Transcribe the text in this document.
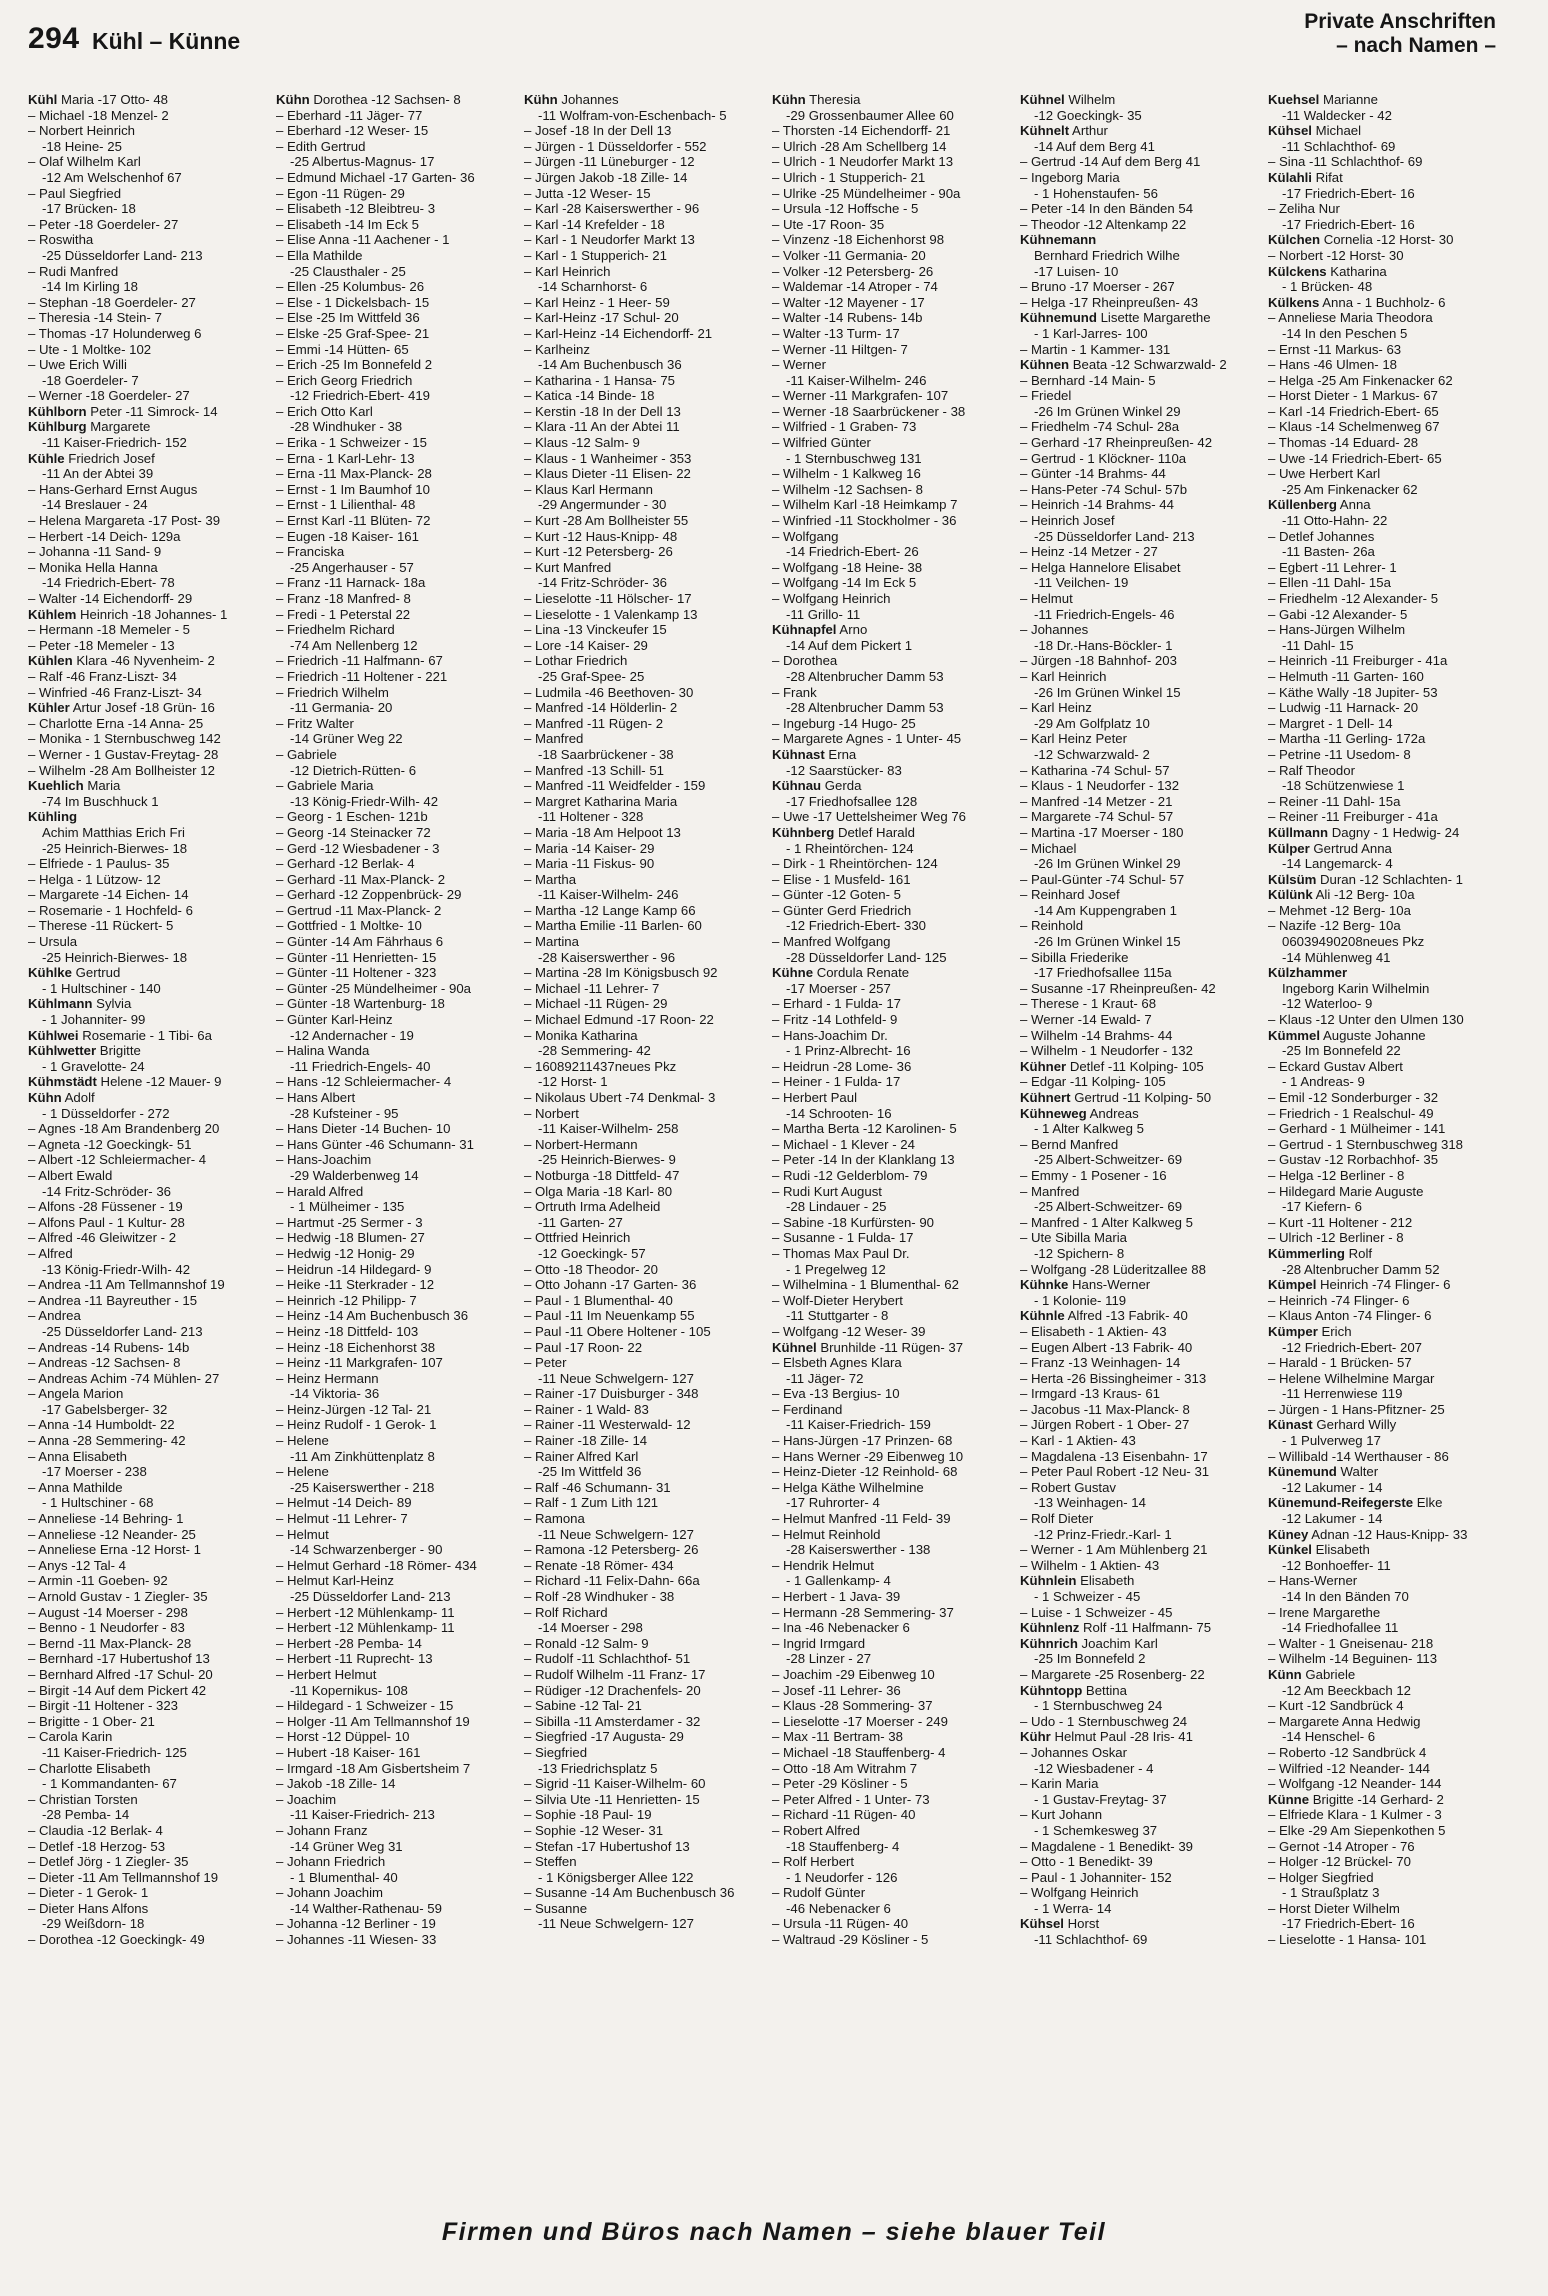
294 Kühl – Künne
Private Anschriften
– nach Namen –
Kühl Maria -17 Otto- 48
– Michael -18 Menzel- 2
– Norbert Heinrich
-18 Heine- 25
– Olaf Wilhelm Karl
-12 Am Welschenhof 67
– Paul Siegfried
-17 Brücken- 18
– Peter -18 Goerdeler- 27
– Roswitha
-25 Düsseldorfer Land- 213
– Rudi Manfred
-14 Im Kirling 18
– Stephan -18 Goerdeler- 27
– Theresia -14 Stein- 7
– Thomas -17 Holunderweg 6
– Ute - 1 Moltke- 102
– Uwe Erich Willi
-18 Goerdeler- 7
– Werner -18 Goerdeler- 27
Kühlborn Peter -11 Simrock- 14
Kühlburg Margarete
-11 Kaiser-Friedrich- 152
Kühle Friedrich Josef
-11 An der Abtei 39
– Hans-Gerhard Ernst Augus
-14 Breslauer - 24
– Helena Margareta -17 Post- 39
– Herbert -14 Deich- 129a
– Johanna -11 Sand- 9
– Monika Hella Hanna
-14 Friedrich-Ebert- 78
– Walter -14 Eichendorff- 29
Kühlem Heinrich -18 Johannes- 1
– Hermann -18 Memeler - 5
– Peter -18 Memeler - 13
Kühlen Klara -46 Nyvenheim- 2
– Ralf -46 Franz-Liszt- 34
– Winfried -46 Franz-Liszt- 34
Kühler Artur Josef -18 Grün- 16
– Charlotte Erna -14 Anna- 25
– Monika - 1 Sternbuschweg 142
– Werner - 1 Gustav-Freytag- 28
– Wilhelm -28 Am Bollheister 12
Kuehlich Maria
-74 Im Buschhuck 1
Kühling
Achim Matthias Erich Fri
-25 Heinrich-Bierwes- 18
– Elfriede - 1 Paulus- 35
– Helga - 1 Lützow- 12
– Margarete -14 Eichen- 14
– Rosemarie - 1 Hochfeld- 6
– Therese -11 Rückert- 5
– Ursula
-25 Heinrich-Bierwes- 18
Kühlke Gertrud
- 1 Hultschiner - 140
Kühlmann Sylvia
- 1 Johanniter- 99
Kühlwei Rosemarie - 1 Tibi- 6a
Kühlwetter Brigitte
- 1 Gravelotte- 24
Kühmstädt Helene -12 Mauer- 9
Kühn Adolf
- 1 Düsseldorfer - 272
– Agnes -18 Am Brandenberg 20
– Agneta -12 Goeckingk- 51
– Albert -12 Schleiermacher- 4
– Albert Ewald
-14 Fritz-Schröder- 36
– Alfons -28 Füssener - 19
– Alfons Paul - 1 Kultur- 28
– Alfred -46 Gleiwitzer - 2
– Alfred
-13 König-Friedr-Wilh- 42
– Andrea -11 Am Tellmannshof 19
– Andrea -11 Bayreuther - 15
– Andrea
-25 Düsseldorfer Land- 213
– Andreas -14 Rubens- 14b
– Andreas -12 Sachsen- 8
– Andreas Achim -74 Mühlen- 27
– Angela Marion
-17 Gabelsberger- 32
– Anna -14 Humboldt- 22
– Anna -28 Semmering- 42
– Anna Elisabeth
-17 Moerser - 238
– Anna Mathilde
- 1 Hultschiner - 68
– Anneliese -14 Behring- 1
– Anneliese -12 Neander- 25
– Anneliese Erna -12 Horst- 1
– Anys -12 Tal- 4
– Armin -11 Goeben- 92
– Arnold Gustav - 1 Ziegler- 35
– August -14 Moerser - 298
– Benno - 1 Neudorfer - 83
– Bernd -11 Max-Planck- 28
– Bernhard -17 Hubertushof 13
– Bernhard Alfred -17 Schul- 20
– Birgit -14 Auf dem Pickert 42
– Birgit -11 Holtener - 323
– Brigitte - 1 Ober- 21
– Carola Karin
-11 Kaiser-Friedrich- 125
– Charlotte Elisabeth
- 1 Kommandanten- 67
– Christian Torsten
-28 Pemba- 14
– Claudia -12 Berlak- 4
– Detlef -18 Herzog- 53
– Detlef Jörg - 1 Ziegler- 35
– Dieter -11 Am Tellmannshof 19
– Dieter - 1 Gerok- 1
– Dieter Hans Alfons
-29 Weißdorn- 18
– Dorothea -12 Goeckingk- 49
Kühn Dorothea -12 Sachsen- 8
– Eberhard -11 Jäger- 77
– Eberhard -12 Weser- 15
– Edith Gertrud
-25 Albertus-Magnus- 17
– Edmund Michael -17 Garten- 36
– Egon -11 Rügen- 29
– Elisabeth -12 Bleibtreu- 3
– Elisabeth -14 Im Eck 5
– Elise Anna -11 Aachener - 1
– Ella Mathilde
-25 Clausthaler - 25
– Ellen -25 Kolumbus- 26
– Else - 1 Dickelsbach- 15
– Else -25 Im Wittfeld 36
– Elske -25 Graf-Spee- 21
– Emmi -14 Hütten- 65
– Erich -25 Im Bonnefeld 2
– Erich Georg Friedrich
-12 Friedrich-Ebert- 419
– Erich Otto Karl
-28 Windhuker - 38
– Erika - 1 Schweizer - 15
– Erna - 1 Karl-Lehr- 13
– Erna -11 Max-Planck- 28
– Ernst - 1 Im Baumhof 10
– Ernst - 1 Lilienthal- 48
– Ernst Karl -11 Blüten- 72
– Eugen -18 Kaiser- 161
– Franciska
-25 Angerhauser - 57
– Franz -11 Harnack- 18a
– Franz -18 Manfred- 8
– Fredi - 1 Peterstal 22
– Friedhelm Richard
-74 Am Nellenberg 12
– Friedrich -11 Halfmann- 67
– Friedrich -11 Holtener - 221
– Friedrich Wilhelm
-11 Germania- 20
– Fritz Walter
-14 Grüner Weg 22
– Gabriele
-12 Dietrich-Rütten- 6
– Gabriele Maria
-13 König-Friedr-Wilh- 42
– Georg - 1 Eschen- 121b
– Georg -14 Steinacker 72
– Gerd -12 Wiesbadener - 3
– Gerhard -12 Berlak- 4
– Gerhard -11 Max-Planck- 2
– Gerhard -12 Zoppenbrück- 29
– Gertrud -11 Max-Planck- 2
– Gottfried - 1 Moltke- 10
– Günter -14 Am Fährhaus 6
– Günter -11 Henrietten- 15
– Günter -11 Holtener - 323
– Günter -25 Mündelheimer - 90a
– Günter -18 Wartenburg- 18
– Günter Karl-Heinz
-12 Andernacher - 19
– Halina Wanda
-11 Friedrich-Engels- 40
– Hans -12 Schleiermacher- 4
– Hans Albert
-28 Kufsteiner - 95
– Hans Dieter -14 Buchen- 10
– Hans Günter -46 Schumann- 31
– Hans-Joachim
-29 Walderbenweg 14
– Harald Alfred
- 1 Mülheimer - 135
– Hartmut -25 Sermer - 3
– Hedwig -18 Blumen- 27
– Hedwig -12 Honig- 29
– Heidrun -14 Hildegard- 9
– Heike -11 Sterkrader - 12
– Heinrich -12 Philipp- 7
– Heinz -14 Am Buchenbusch 36
– Heinz -18 Dittfeld- 103
– Heinz -18 Eichenhorst 38
– Heinz -11 Markgrafen- 107
– Heinz Hermann
-14 Viktoria- 36
– Heinz-Jürgen -12 Tal- 21
– Heinz Rudolf - 1 Gerok- 1
– Helene
-11 Am Zinkhüttenplatz 8
– Helene
-25 Kaiserswerther - 218
– Helmut -14 Deich- 89
– Helmut -11 Lehrer- 7
– Helmut
-14 Schwarzenberger - 90
– Helmut Gerhard -18 Römer- 434
– Helmut Karl-Heinz
-25 Düsseldorfer Land- 213
– Herbert -12 Mühlenkamp- 11
– Herbert -12 Mühlenkamp- 11
– Herbert -28 Pemba- 14
– Herbert -11 Ruprecht- 13
– Herbert Helmut
-11 Kopernikus- 108
– Hildegard - 1 Schweizer - 15
– Holger -11 Am Tellmannshof 19
– Horst -12 Düppel- 10
– Hubert -18 Kaiser- 161
– Irmgard -18 Am Gisbertsheim 7
– Jakob -18 Zille- 14
– Joachim
-11 Kaiser-Friedrich- 213
– Johann Franz
-14 Grüner Weg 31
– Johann Friedrich
- 1 Blumenthal- 40
– Johann Joachim
-14 Walther-Rathenau- 59
– Johanna -12 Berliner - 19
– Johannes -11 Wiesen- 33
Kühn Johannes
-11 Wolfram-von-Eschenbach- 5
– Josef -18 In der Dell 13
– Jürgen - 1 Düsseldorfer - 552
– Jürgen -11 Lüneburger - 12
– Jürgen Jakob -18 Zille- 14
– Jutta -12 Weser- 15
– Karl -28 Kaiserswerther - 96
– Karl -14 Krefelder - 18
– Karl - 1 Neudorfer Markt 13
– Karl - 1 Stupperich- 21
– Karl Heinrich
-14 Scharnhorst- 6
– Karl Heinz - 1 Heer- 59
– Karl-Heinz -17 Schul- 20
– Karl-Heinz -14 Eichendorff- 21
– Karlheinz
-14 Am Buchenbusch 36
– Katharina - 1 Hansa- 75
– Katica -14 Binde- 18
– Kerstin -18 In der Dell 13
– Klara -11 An der Abtei 11
– Klaus -12 Salm- 9
– Klaus - 1 Wanheimer - 353
– Klaus Dieter -11 Elisen- 22
– Klaus Karl Hermann
-29 Angermunder - 30
– Kurt -28 Am Bollheister 55
– Kurt -12 Haus-Knipp- 48
– Kurt -12 Petersberg- 26
– Kurt Manfred
-14 Fritz-Schröder- 36
– Lieselotte -11 Hölscher- 17
– Lieselotte - 1 Valenkamp 13
– Lina -13 Vinckeufer 15
– Lore -14 Kaiser- 29
– Lothar Friedrich
-25 Graf-Spee- 25
– Ludmila -46 Beethoven- 30
– Manfred -14 Hölderlin- 2
– Manfred -11 Rügen- 2
– Manfred
-18 Saarbrückener - 38
– Manfred -13 Schill- 51
– Manfred -11 Weidfelder - 159
– Margret Katharina Maria
-11 Holtener - 328
– Maria -18 Am Helpoot 13
– Maria -14 Kaiser- 29
– Maria -11 Fiskus- 90
– Martha
-11 Kaiser-Wilhelm- 246
– Martha -12 Lange Kamp 66
– Martha Emilie -11 Barlen- 60
– Martina
-28 Kaiserswerther - 96
– Martina -28 Im Königsbusch 92
– Michael -11 Lehrer- 7
– Michael -11 Rügen- 29
– Michael Edmund -17 Roon- 22
– Monika Katharina
-28 Semmering- 42
– 16089211437neues Pkz
-12 Horst- 1
– Nikolaus Ubert -74 Denkmal- 3
– Norbert
-11 Kaiser-Wilhelm- 258
– Norbert-Hermann
-25 Heinrich-Bierwes- 9
– Notburga -18 Dittfeld- 47
– Olga Maria -18 Karl- 80
– Ortruth Irma Adelheid
-11 Garten- 27
– Ottfried Heinrich
-12 Goeckingk- 57
– Otto -18 Theodor- 20
– Otto Johann -17 Garten- 36
– Paul - 1 Blumenthal- 40
– Paul -11 Im Neuenkamp 55
– Paul -11 Obere Holtener - 105
– Paul -17 Roon- 22
– Peter
-11 Neue Schwelgern- 127
– Rainer -17 Duisburger - 348
– Rainer - 1 Wald- 83
– Rainer -11 Westerwald- 12
– Rainer -18 Zille- 14
– Rainer Alfred Karl
-25 Im Wittfeld 36
– Ralf -46 Schumann- 31
– Ralf - 1 Zum Lith 121
– Ramona
-11 Neue Schwelgern- 127
– Ramona -12 Petersberg- 26
– Renate -18 Römer- 434
– Richard -11 Felix-Dahn- 66a
– Rolf -28 Windhuker - 38
– Rolf Richard
-14 Moerser - 298
– Ronald -12 Salm- 9
– Rudolf -11 Schlachthof- 51
– Rudolf Wilhelm -11 Franz- 17
– Rüdiger -12 Drachenfels- 20
– Sabine -12 Tal- 21
– Sibilla -11 Amsterdamer - 32
– Siegfried -17 Augusta- 29
– Siegfried
-13 Friedrichsplatz 5
– Sigrid -11 Kaiser-Wilhelm- 60
– Silvia Ute -11 Henrietten- 15
– Sophie -18 Paul- 19
– Sophie -12 Weser- 31
– Stefan -17 Hubertushof 13
– Steffen
- 1 Königsberger Allee 122
– Susanne -14 Am Buchenbusch 36
– Susanne
-11 Neue Schwelgern- 127
Kühn Theresia
-29 Grossenbaumer Allee 60
– Thorsten -14 Eichendorff- 21
– Ulrich -28 Am Schellberg 14
– Ulrich - 1 Neudorfer Markt 13
– Ulrich - 1 Stupperich- 21
– Ulrike -25 Mündelheimer - 90a
– Ursula -12 Hoffsche - 5
– Ute -17 Roon- 35
– Vinzenz -18 Eichenhorst 98
– Volker -11 Germania- 20
– Volker -12 Petersberg- 26
– Waldemar -14 Atroper - 74
– Walter -12 Mayener - 17
– Walter -14 Rubens- 14b
– Walter -13 Turm- 17
– Werner -11 Hiltgen- 7
– Werner
-11 Kaiser-Wilhelm- 246
– Werner -11 Markgrafen- 107
– Werner -18 Saarbrückener - 38
– Wilfried - 1 Graben- 73
– Wilfried Günter
- 1 Sternbuschweg 131
– Wilhelm - 1 Kalkweg 16
– Wilhelm -12 Sachsen- 8
– Wilhelm Karl -18 Heimkamp 7
– Winfried -11 Stockholmer - 36
– Wolfgang
-14 Friedrich-Ebert- 26
– Wolfgang -18 Heine- 38
– Wolfgang -14 Im Eck 5
– Wolfgang Heinrich
-11 Grillo- 11
Kühnapfel Arno
-14 Auf dem Pickert 1
– Dorothea
-28 Altenbrucher Damm 53
– Frank
-28 Altenbrucher Damm 53
– Ingeburg -14 Hugo- 25
– Margarete Agnes - 1 Unter- 45
Kühnast Erna
-12 Saarstücker- 83
Kühnau Gerda
-17 Friedhofsallee 128
– Uwe -17 Uettelsheimer Weg 76
Kühnberg Detlef Harald
- 1 Rheintörchen- 124
– Dirk - 1 Rheintörchen- 124
– Elise - 1 Musfeld- 161
– Günter -12 Goten- 5
– Günter Gerd Friedrich
-12 Friedrich-Ebert- 330
– Manfred Wolfgang
-28 Düsseldorfer Land- 125
Kühne Cordula Renate
-17 Moerser - 257
– Erhard - 1 Fulda- 17
– Fritz -14 Lothfeld- 9
– Hans-Joachim Dr.
- 1 Prinz-Albrecht- 16
– Heidrun -28 Lome- 36
– Heiner - 1 Fulda- 17
– Herbert Paul
-14 Schrooten- 16
– Martha Berta -12 Karolinen- 5
– Michael - 1 Klever - 24
– Peter -14 In der Klanklang 13
– Rudi -12 Gelderblom- 79
– Rudi Kurt August
-28 Lindauer - 25
– Sabine -18 Kurfürsten- 90
– Susanne - 1 Fulda- 17
– Thomas Max Paul Dr.
- 1 Pregelweg 12
– Wilhelmina - 1 Blumenthal- 62
– Wolf-Dieter Herybert
-11 Stuttgarter - 8
– Wolfgang -12 Weser- 39
Kühnel Brunhilde -11 Rügen- 37
– Elsbeth Agnes Klara
-11 Jäger- 72
– Eva -13 Bergius- 10
– Ferdinand
-11 Kaiser-Friedrich- 159
– Hans-Jürgen -17 Prinzen- 68
– Hans Werner -29 Eibenweg 10
– Heinz-Dieter -12 Reinhold- 68
– Helga Käthe Wilhelmine
-17 Ruhrorter- 4
– Helmut Manfred -11 Feld- 39
– Helmut Reinhold
-28 Kaiserswerther - 138
– Hendrik Helmut
- 1 Gallenkamp- 4
– Herbert - 1 Java- 39
– Hermann -28 Semmering- 37
– Ina -46 Nebenacker 6
– Ingrid Irmgard
-28 Linzer - 27
– Joachim -29 Eibenweg 10
– Josef -11 Lehrer- 36
– Klaus -28 Sommering- 37
– Lieselotte -17 Moerser - 249
– Max -11 Bertram- 38
– Michael -18 Stauffenberg- 4
– Otto -18 Am Witrahm 7
– Peter -29 Kösliner - 5
– Peter Alfred - 1 Unter- 73
– Richard -11 Rügen- 40
– Robert Alfred
-18 Stauffenberg- 4
– Rolf Herbert
- 1 Neudorfer - 126
– Rudolf Günter
-46 Nebenacker 6
– Ursula -11 Rügen- 40
– Waltraud -29 Kösliner - 5
Kühnel Wilhelm
-12 Goeckingk- 35
Kühnelt Arthur
-14 Auf dem Berg 41
– Gertrud -14 Auf dem Berg 41
– Ingeborg Maria
- 1 Hohenstaufen- 56
– Peter -14 In den Bänden 54
– Theodor -12 Altenkamp 22
Kühnemann
Bernhard Friedrich Wilhe
-17 Luisen- 10
– Bruno -17 Moerser - 267
– Helga -17 Rheinpreußen- 43
Kühnemund Lisette Margarethe
- 1 Karl-Jarres- 100
– Martin - 1 Kammer- 131
Kühnen Beata -12 Schwarzwald- 2
– Bernhard -14 Main- 5
– Friedel
-26 Im Grünen Winkel 29
– Friedhelm -74 Schul- 28a
– Gerhard -17 Rheinpreußen- 42
– Gertrud - 1 Klöckner- 110a
– Günter -14 Brahms- 44
– Hans-Peter -74 Schul- 57b
– Heinrich -14 Brahms- 44
– Heinrich Josef
-25 Düsseldorfer Land- 213
– Heinz -14 Metzer - 27
– Helga Hannelore Elisabet
-11 Veilchen- 19
– Helmut
-11 Friedrich-Engels- 46
– Johannes
-18 Dr.-Hans-Böckler- 1
– Jürgen -18 Bahnhof- 203
– Karl Heinrich
-26 Im Grünen Winkel 15
– Karl Heinz
-29 Am Golfplatz 10
– Karl Heinz Peter
-12 Schwarzwald- 2
– Katharina -74 Schul- 57
– Klaus - 1 Neudorfer - 132
– Manfred -14 Metzer - 21
– Margarete -74 Schul- 57
– Martina -17 Moerser - 180
– Michael
-26 Im Grünen Winkel 29
– Paul-Günter -74 Schul- 57
– Reinhard Josef
-14 Am Kuppengraben 1
– Reinhold
-26 Im Grünen Winkel 15
– Sibilla Friederike
-17 Friedhofsallee 115a
– Susanne -17 Rheinpreußen- 42
– Therese - 1 Kraut- 68
– Werner -14 Ewald- 7
– Wilhelm -14 Brahms- 44
– Wilhelm - 1 Neudorfer - 132
Kühner Detlef -11 Kolping- 105
– Edgar -11 Kolping- 105
Kühnert Gertrud -11 Kolping- 50
Kühneweg Andreas
- 1 Alter Kalkweg 5
– Bernd Manfred
-25 Albert-Schweitzer- 69
– Emmy - 1 Posener - 16
– Manfred
-25 Albert-Schweitzer- 69
– Manfred - 1 Alter Kalkweg 5
– Ute Sibilla Maria
-12 Spichern- 8
– Wolfgang -28 Lüderitzallee 88
Kühnke Hans-Werner
- 1 Kolonie- 119
Kühnle Alfred -13 Fabrik- 40
– Elisabeth - 1 Aktien- 43
– Eugen Albert -13 Fabrik- 40
– Franz -13 Weinhagen- 14
– Herta -26 Bissingheimer - 313
– Irmgard -13 Kraus- 61
– Jacobus -11 Max-Planck- 8
– Jürgen Robert - 1 Ober- 27
– Karl - 1 Aktien- 43
– Magdalena -13 Eisenbahn- 17
– Peter Paul Robert -12 Neu- 31
– Robert Gustav
-13 Weinhagen- 14
– Rolf Dieter
-12 Prinz-Friedr.-Karl- 1
– Werner - 1 Am Mühlenberg 21
– Wilhelm - 1 Aktien- 43
Kühnlein Elisabeth
- 1 Schweizer - 45
– Luise - 1 Schweizer - 45
Kühnlenz Rolf -11 Halfmann- 75
Kühnrich Joachim Karl
-25 Im Bonnefeld 2
– Margarete -25 Rosenberg- 22
Kühntopp Bettina
- 1 Sternbuschweg 24
– Udo - 1 Sternbuschweg 24
Kühr Helmut Paul -28 Iris- 41
– Johannes Oskar
-12 Wiesbadener - 4
– Karin Maria
- 1 Gustav-Freytag- 37
– Kurt Johann
- 1 Schemkesweg 37
– Magdalene - 1 Benedikt- 39
– Otto - 1 Benedikt- 39
– Paul - 1 Johanniter- 152
– Wolfgang Heinrich
- 1 Werra- 14
Kühsel Horst
-11 Schlachthof- 69
Kuehsel Marianne
-11 Waldecker - 42
Kühsel Michael
-11 Schlachthof- 69
– Sina -11 Schlachthof- 69
Külahli Rifat
-17 Friedrich-Ebert- 16
– Zeliha Nur
-17 Friedrich-Ebert- 16
Külchen Cornelia -12 Horst- 30
– Norbert -12 Horst- 30
Külckens Katharina
- 1 Brücken- 48
Külkens Anna - 1 Buchholz- 6
– Anneliese Maria Theodora
-14 In den Peschen 5
– Ernst -11 Markus- 63
– Hans -46 Ulmen- 18
– Helga -25 Am Finkenacker 62
– Horst Dieter - 1 Markus- 67
– Karl -14 Friedrich-Ebert- 65
– Klaus -14 Schelmenweg 67
– Thomas -14 Eduard- 28
– Uwe -14 Friedrich-Ebert- 65
– Uwe Herbert Karl
-25 Am Finkenacker 62
Küllenberg Anna
-11 Otto-Hahn- 22
– Detlef Johannes
-11 Basten- 26a
– Egbert -11 Lehrer- 1
– Ellen -11 Dahl- 15a
– Friedhelm -12 Alexander- 5
– Gabi -12 Alexander- 5
– Hans-Jürgen Wilhelm
-11 Dahl- 15
– Heinrich -11 Freiburger - 41a
– Helmuth -11 Garten- 160
– Käthe Wally -18 Jupiter- 53
– Ludwig -11 Harnack- 20
– Margret - 1 Dell- 14
– Martha -11 Gerling- 172a
– Petrine -11 Usedom- 8
– Ralf Theodor
-18 Schützenwiese 1
– Reiner -11 Dahl- 15a
– Reiner -11 Freiburger - 41a
Küllmann Dagny - 1 Hedwig- 24
Külper Gertrud Anna
-14 Langemarck- 4
Külsüm Duran -12 Schlachten- 1
Külünk Ali -12 Berg- 10a
– Mehmet -12 Berg- 10a
– Nazife -12 Berg- 10a
06039490208neues Pkz
-14 Mühlenweg 41
Külzhammer
Ingeborg Karin Wilhelmin
-12 Waterloo- 9
– Klaus -12 Unter den Ulmen 130
Kümmel Auguste Johanne
-25 Im Bonnefeld 22
– Eckard Gustav Albert
- 1 Andreas- 9
– Emil -12 Sonderburger - 32
– Friedrich - 1 Realschul- 49
– Gerhard - 1 Mülheimer - 141
– Gertrud - 1 Sternbuschweg 318
– Gustav -12 Rorbachhof- 35
– Helga -12 Berliner - 8
– Hildegard Marie Auguste
-17 Kiefern- 6
– Kurt -11 Holtener - 212
– Ulrich -12 Berliner - 8
Kümmerling Rolf
-28 Altenbrucher Damm 52
Kümpel Heinrich -74 Flinger- 6
– Heinrich -74 Flinger- 6
– Klaus Anton -74 Flinger- 6
Kümper Erich
-12 Friedrich-Ebert- 207
– Harald - 1 Brücken- 57
– Helene Wilhelmine Margar
-11 Herrenwiese 119
– Jürgen - 1 Hans-Pfitzner- 25
Künast Gerhard Willy
- 1 Pulverweg 17
– Willibald -14 Werthauser - 86
Künemund Walter
-12 Lakumer - 14
Künemund-Reifegerste Elke
-12 Lakumer - 14
Küney Adnan -12 Haus-Knipp- 33
Künkel Elisabeth
-12 Bonhoeffer- 11
– Hans-Werner
-14 In den Bänden 70
– Irene Margarethe
-14 Friedhofallee 11
– Walter - 1 Gneisenau- 218
– Wilhelm -14 Beguinen- 113
Künn Gabriele
-12 Am Beeckbach 12
– Kurt -12 Sandbrück 4
– Margarete Anna Hedwig
-14 Henschel- 6
– Roberto -12 Sandbrück 4
– Wilfried -12 Neander- 144
– Wolfgang -12 Neander- 144
Künne Brigitte -14 Gerhard- 2
– Elfriede Klara - 1 Kulmer - 3
– Elke -29 Am Siepenkothen 5
– Gernot -14 Atroper - 76
– Holger -12 Brückel- 70
– Holger Siegfried
- 1 Straußplatz 3
– Horst Dieter Wilhelm
-17 Friedrich-Ebert- 16
– Lieselotte - 1 Hansa- 101
Firmen und Büros nach Namen – siehe blauer Teil
